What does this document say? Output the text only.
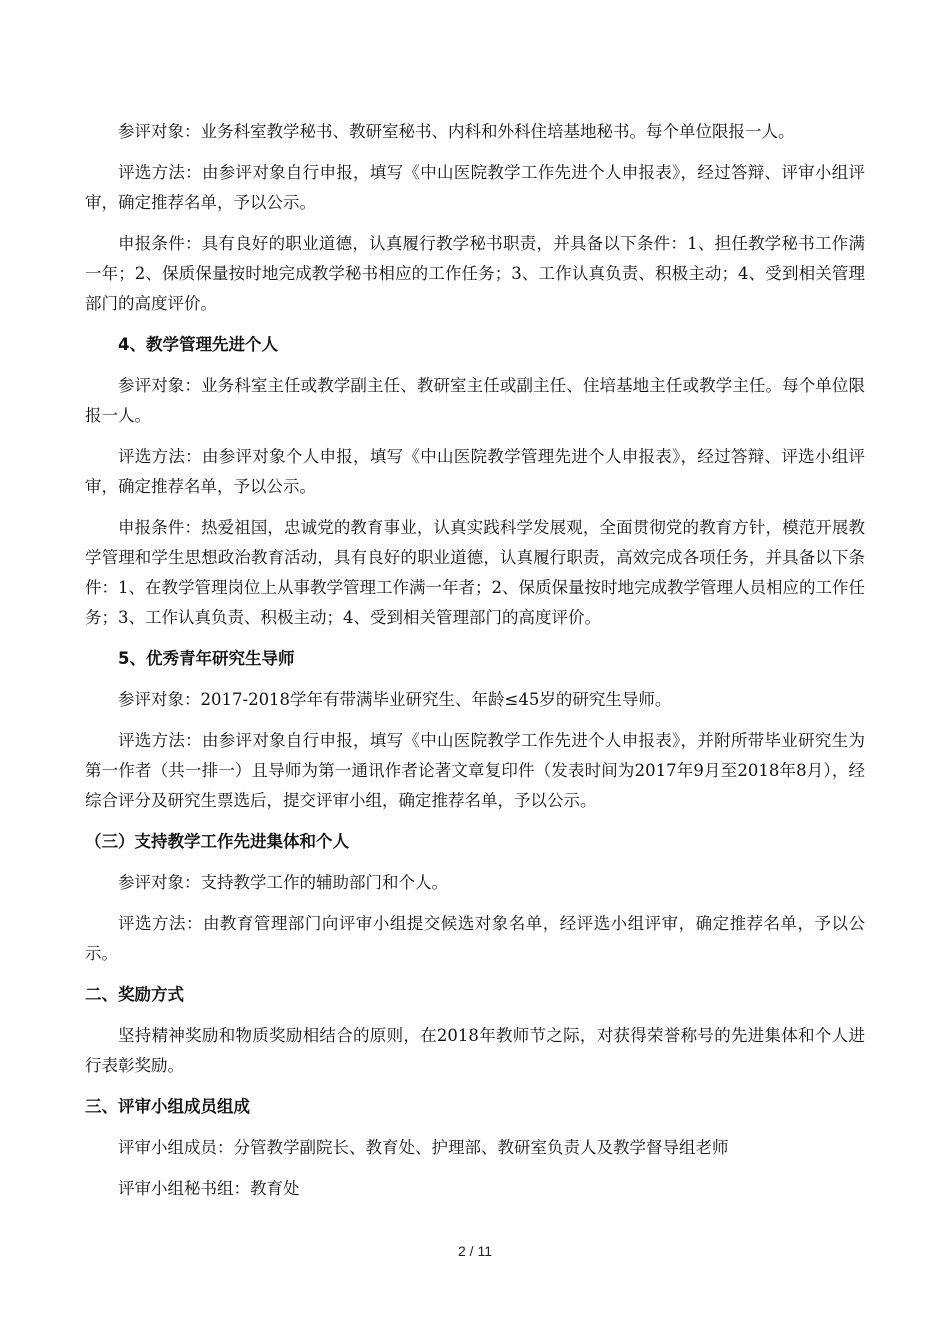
参评对象：业务科室教学秘书、教研室秘书、内科和外科住培基地秘书。每个单位限报一人。

评选方法：由参评对象自行申报，填写《中山医院教学工作先进个人申报表》，经过答辩、评审小组评审，确定推荐名单，予以公示。

申报条件：具有良好的职业道德，认真履行教学秘书职责，并具备以下条件：1、担任教学秘书工作满一年；2、保质保量按时地完成教学秘书相应的工作任务；3、工作认真负责、积极主动；4、受到相关管理部门的高度评价。

4、教学管理先进个人

参评对象：业务科室主任或教学副主任、教研室主任或副主任、住培基地主任或教学主任。每个单位限报一人。

评选方法：由参评对象个人申报，填写《中山医院教学管理先进个人申报表》，经过答辩、评选小组评审，确定推荐名单，予以公示。

申报条件：热爱祖国，忠诚党的教育事业，认真实践科学发展观，全面贯彻党的教育方针，模范开展教学管理和学生思想政治教育活动，具有良好的职业道德，认真履行职责，高效完成各项任务，并具备以下条件：1、在教学管理岗位上从事教学管理工作满一年者；2、保质保量按时地完成教学管理人员相应的工作任务；3、工作认真负责、积极主动；4、受到相关管理部门的高度评价。

5、优秀青年研究生导师

参评对象：2017-2018学年有带满毕业研究生、年龄≤45岁的研究生导师。

评选方法：由参评对象自行申报，填写《中山医院教学工作先进个人申报表》，并附所带毕业研究生为第一作者（共一排一）且导师为第一通讯作者论著文章复印件（发表时间为2017年9月至2018年8月），经综合评分及研究生票选后，提交评审小组，确定推荐名单，予以公示。

（三）支持教学工作先进集体和个人

参评对象：支持教学工作的辅助部门和个人。

评选方法：由教育管理部门向评审小组提交候选对象名单，经评选小组评审，确定推荐名单，予以公示。

二、奖励方式

坚持精神奖励和物质奖励相结合的原则，在2018年教师节之际，对获得荣誉称号的先进集体和个人进行表彰奖励。

三、评审小组成员组成

评审小组成员：分管教学副院长、教育处、护理部、教研室负责人及教学督导组老师

评审小组秘书组：教育处

2 / 11
